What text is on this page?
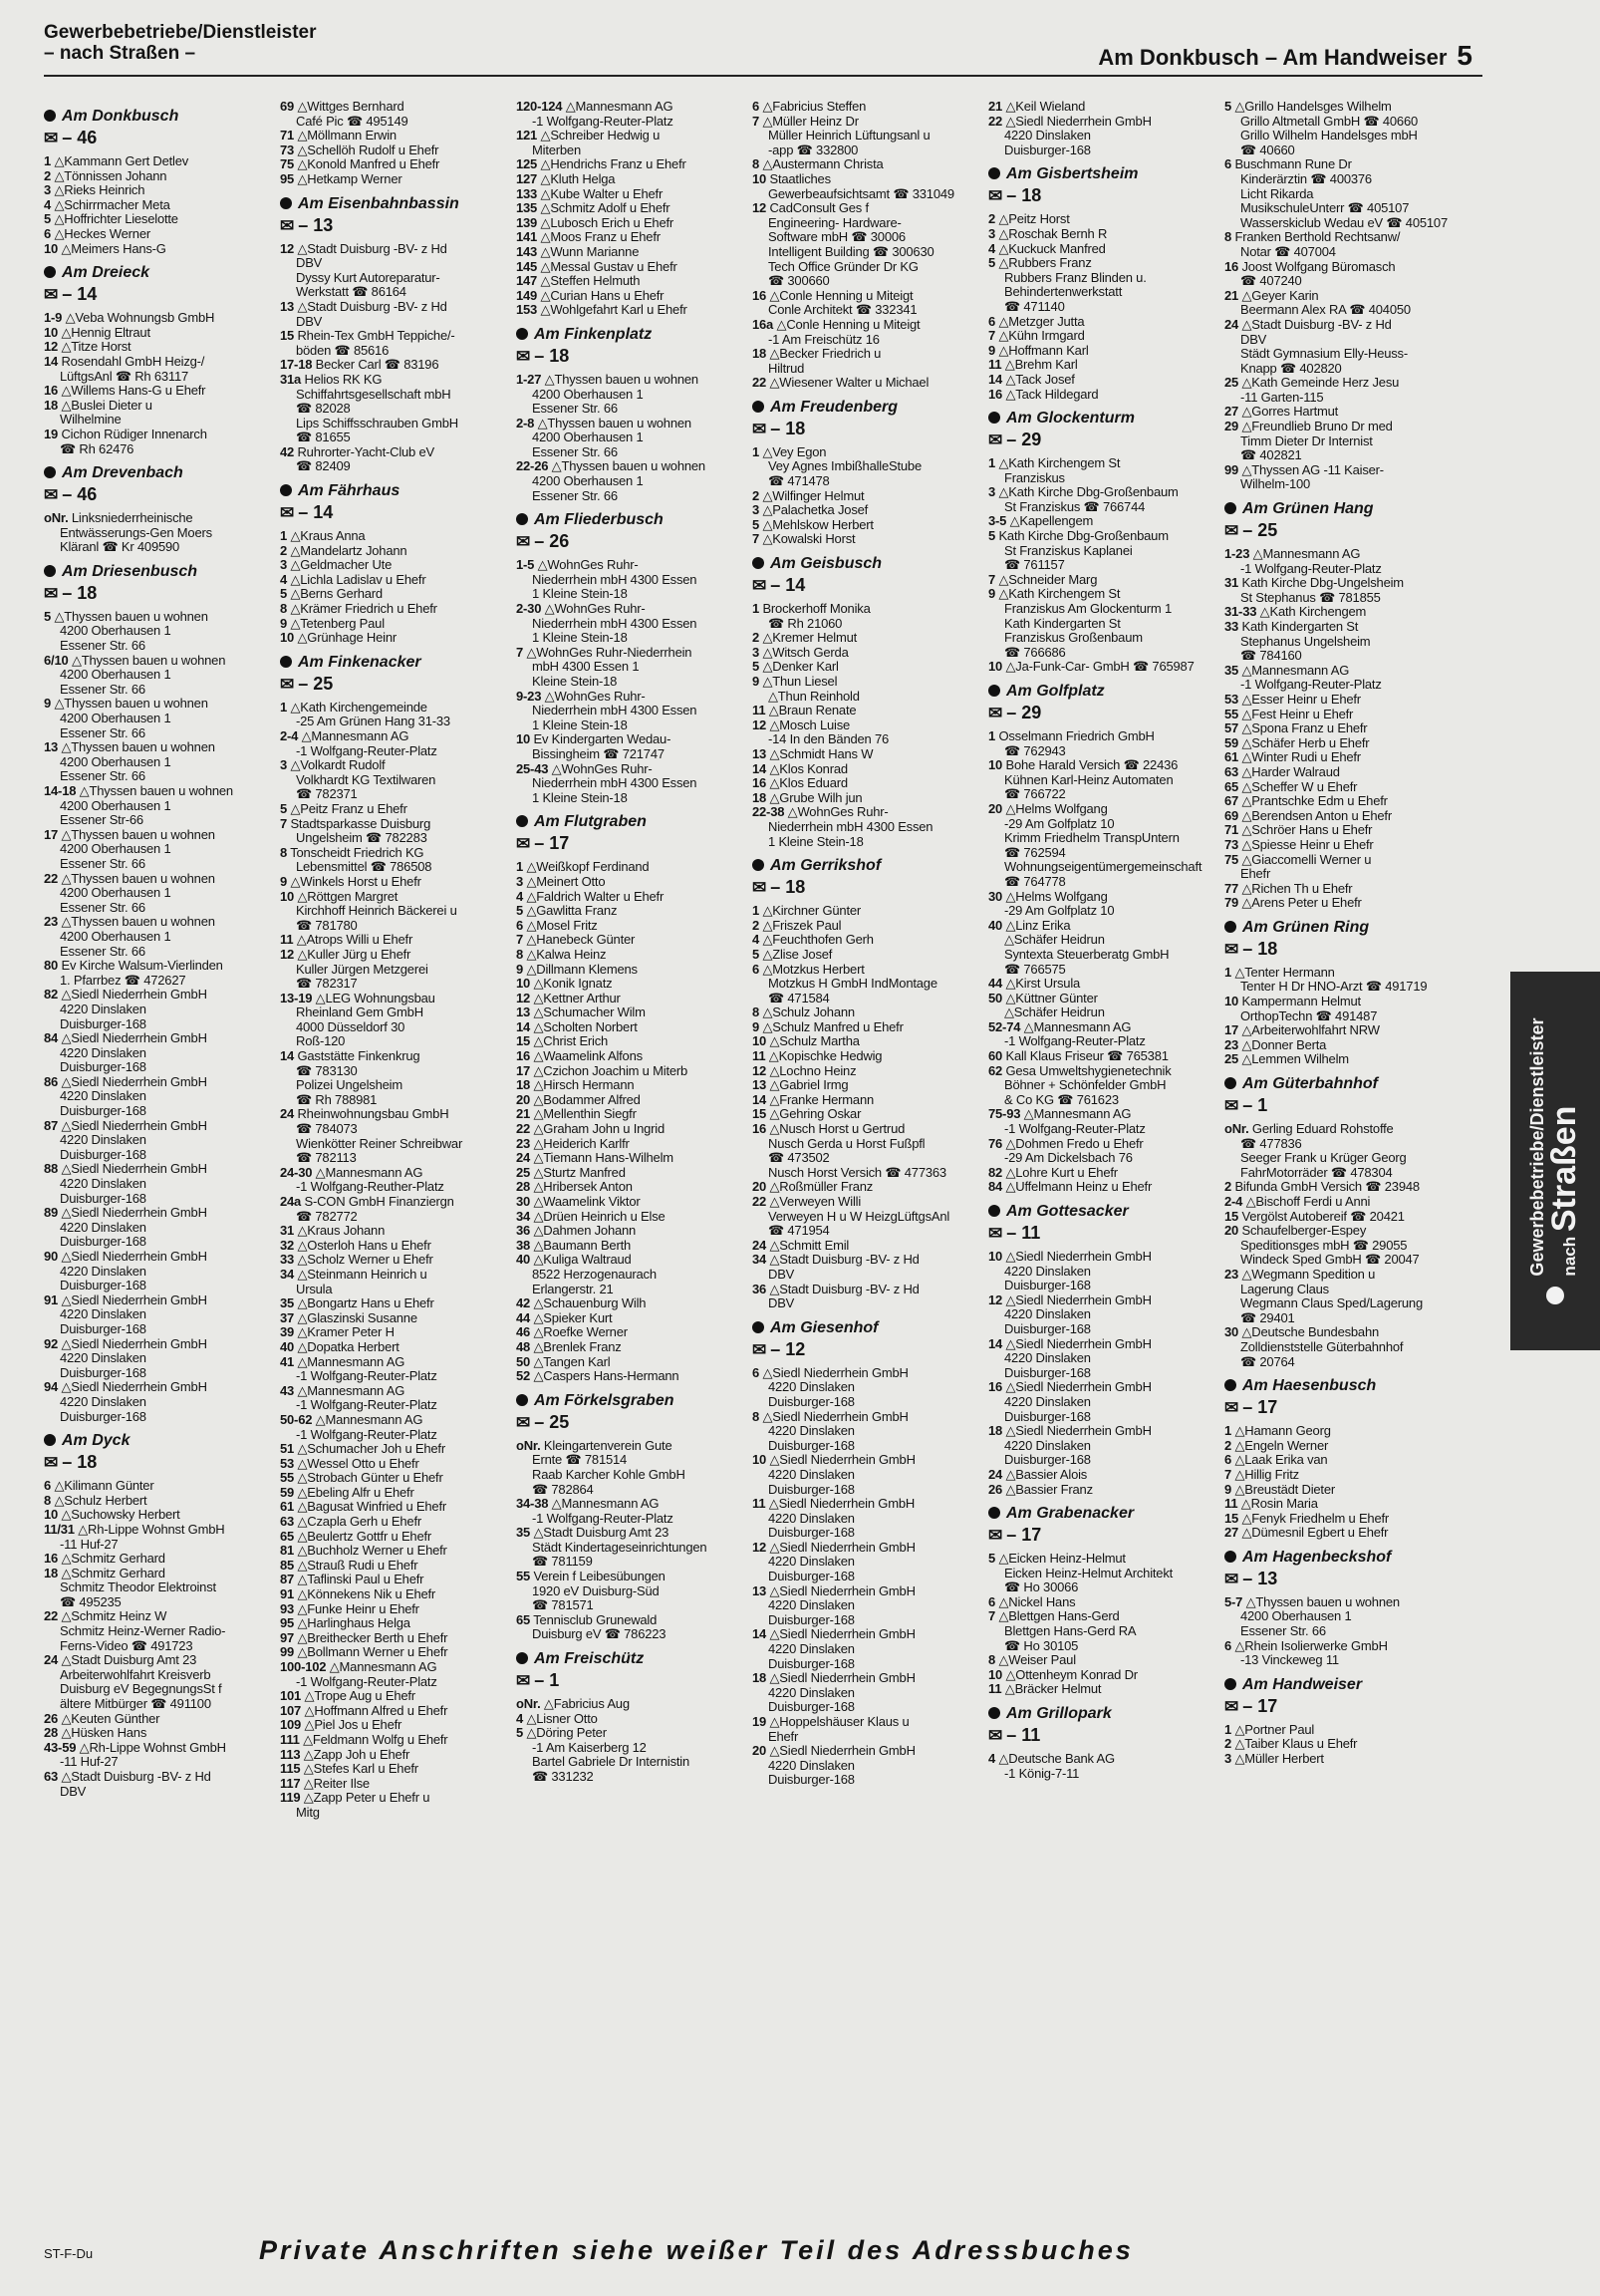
Gewerbebetriebe/Dienstleister
– nach Straßen –	Am Donkbusch – Am Handweiser 5
Am Donkbusch
✉ – 46
1 △Kammann Gert Detlev
2 △Tönnissen Johann
3 △Rieks Heinrich
4 △Schirrmacher Meta
5 △Hoffrichter Lieselotte
6 △Heckes Werner
10 △Meimers Hans-G
Am Dreieck
✉ – 14
1-9 △Veba Wohnungsb GmbH
10 △Hennig Eltraut
12 △Titze Horst
14 Rosendahl GmbH Heizg-/
LüftgsAnl ☎ Rh 63117
16 △Willems Hans-G u Ehefr
18 △Buslei Dieter u
Wilhelmine
19 Cichon Rüdiger Innenarch
☎ Rh 62476
Am Drevenbach
✉ – 46
oNr. Linksniederrheinische
Entwässerungs-Gen Moers
Kläranl ☎ Kr 409590
Am Driesenbusch
✉ – 18
5 △Thyssen bauen u wohnen
4200 Oberhausen 1
Essener Str. 66
6/10 △Thyssen bauen u wohnen
4200 Oberhausen 1
Essener Str. 66
9 △Thyssen bauen u wohnen
4200 Oberhausen 1
Essener Str. 66
13 △Thyssen bauen u wohnen
4200 Oberhausen 1
Essener Str. 66
14-18 △Thyssen bauen u wohnen
4200 Oberhausen 1
Essener Str-66
17 △Thyssen bauen u wohnen
4200 Oberhausen 1
Essener Str. 66
22 △Thyssen bauen u wohnen
4200 Oberhausen 1
Essener Str. 66
23 △Thyssen bauen u wohnen
4200 Oberhausen 1
Essener Str. 66
80 Ev Kirche Walsum-Vierlinden
1. Pfarrbez ☎ 472627
82 △Siedl Niederrhein GmbH
4220 Dinslaken
Duisburger-168
84 △Siedl Niederrhein GmbH
4220 Dinslaken
Duisburger-168
86 △Siedl Niederrhein GmbH
4220 Dinslaken
Duisburger-168
87 △Siedl Niederrhein GmbH
4220 Dinslaken
Duisburger-168
88 △Siedl Niederrhein GmbH
4220 Dinslaken
Duisburger-168
89 △Siedl Niederrhein GmbH
4220 Dinslaken
Duisburger-168
90 △Siedl Niederrhein GmbH
4220 Dinslaken
Duisburger-168
91 △Siedl Niederrhein GmbH
4220 Dinslaken
Duisburger-168
92 △Siedl Niederrhein GmbH
4220 Dinslaken
Duisburger-168
94 △Siedl Niederrhein GmbH
4220 Dinslaken
Duisburger-168
Am Dyck
✉ – 18
6 △Kilimann Günter
8 △Schulz Herbert
10 △Suchowsky Herbert
11/31 △Rh-Lippe Wohnst GmbH
-11 Huf-27
16 △Schmitz Gerhard
18 △Schmitz Gerhard
Schmitz Theodor Elektroinst
☎ 495235
22 △Schmitz Heinz W
Schmitz Heinz-Werner Radio-
Ferns-Video ☎ 491723
24 △Stadt Duisburg Amt 23
Arbeiterwohlfahrt Kreisverb
Duisburg eV BegegnungsSt f
ältere Mitbürger ☎ 491100
26 △Keuten Günther
28 △Hüsken Hans
43-59 △Rh-Lippe Wohnst GmbH
-11 Huf-27
63 △Stadt Duisburg -BV- z Hd
DBV
69 △Wittges Bernhard
Café Pic ☎ 495149
71 △Möllmann Erwin
73 △Schellöh Rudolf u Ehefr
75 △Konold Manfred u Ehefr
95 △Hetkamp Werner
Am Eisenbahnbassin
✉ – 13
12 △Stadt Duisburg -BV- z Hd
DBV
Dyssy Kurt Autoreparatur-
Werkstatt ☎ 86164
13 △Stadt Duisburg -BV- z Hd
DBV
15 Rhein-Tex GmbH Teppiche/-
böden ☎ 85616
17-18 Becker Carl ☎ 83196
31a Helios RK KG
Schiffahrtsgesellschaft mbH
☎ 82028
Lips Schiffsschrauben GmbH
☎ 81655
42 Ruhrorter-Yacht-Club eV
☎ 82409
Am Fährhaus
✉ – 14
1 △Kraus Anna
2 △Mandelartz Johann
3 △Geldmacher Ute
4 △Lichla Ladislav u Ehefr
5 △Berns Gerhard
8 △Krämer Friedrich u Ehefr
9 △Tetenberg Paul
10 △Grünhage Heinr
Am Finkenacker
✉ – 25
1 △Kath Kirchengemeinde
-25 Am Grünen Hang 31-33
2-4 △Mannesmann AG
-1 Wolfgang-Reuter-Platz
3 △Volkardt Rudolf
Volkhardt KG Textilwaren
☎ 782371
5 △Peitz Franz u Ehefr
7 Stadtsparkasse Duisburg
Ungelsheim ☎ 782283
8 Tonscheidt Friedrich KG
Lebensmittel ☎ 786508
9 △Winkels Horst u Ehefr
10 △Röttgen Margret
Kirchhoff Heinrich Bäckerei u
☎ 781780
11 △Atrops Willi u Ehefr
12 △Kuller Jürg u Ehefr
Kuller Jürgen Metzgerei
☎ 782317
13-19 △LEG Wohnungsbau
Rheinland Gem GmbH
4000 Düsseldorf 30
Roß-120
14 Gaststätte Finkenkrug
☎ 783130
Polizei Ungelsheim
☎ Rh 788981
24 Rheinwohnungsbau GmbH
☎ 784073
Wienkötter Reiner Schreibwar
☎ 782113
24-30 △Mannesmann AG
-1 Wolfgang-Reuther-Platz
24a S-CON GmbH Finanziergn
☎ 782772
31 △Kraus Johann
32 △Osterloh Hans u Ehefr
33 △Scholz Werner u Ehefr
34 △Steinmann Heinrich u
Ursula
35 △Bongartz Hans u Ehefr
37 △Glaszinski Susanne
39 △Kramer Peter H
40 △Dopatka Herbert
41 △Mannesmann AG
-1 Wolfgang-Reuter-Platz
43 △Mannesmann AG
-1 Wolfgang-Reuter-Platz
50-62 △Mannesmann AG
-1 Wolfgang-Reuter-Platz
51 △Schumacher Joh u Ehefr
53 △Wessel Otto u Ehefr
55 △Strobach Günter u Ehefr
59 △Ebeling Alfr u Ehefr
61 △Bagusat Winfried u Ehefr
63 △Czapla Gerh u Ehefr
65 △Beulertz Gottfr u Ehefr
81 △Buchholz Werner u Ehefr
85 △Strauß Rudi u Ehefr
87 △Taflinski Paul u Ehefr
91 △Könnekens Nik u Ehefr
93 △Funke Heinr u Ehefr
95 △Harlinghaus Helga
97 △Breithecker Berth u Ehefr
99 △Bollmann Werner u Ehefr
100-102 △Mannesmann AG
-1 Wolfgang-Reuter-Platz
101 △Trope Aug u Ehefr
107 △Hoffmann Alfred u Ehefr
109 △Piel Jos u Ehefr
111 △Feldmann Wolfg u Ehefr
113 △Zapp Joh u Ehefr
115 △Stefes Karl u Ehefr
117 △Reiter Ilse
119 △Zapp Peter u Ehefr u
Mitg
120-124 △Mannesmann AG
-1 Wolfgang-Reuter-Platz
121 △Schreiber Hedwig u
Miterben
125 △Hendrichs Franz u Ehefr
127 △Kluth Helga
133 △Kube Walter u Ehefr
135 △Schmitz Adolf u Ehefr
139 △Lubosch Erich u Ehefr
141 △Moos Franz u Ehefr
143 △Wunn Marianne
145 △Messal Gustav u Ehefr
147 △Steffen Helmuth
149 △Curian Hans u Ehefr
153 △Wohlgefahrt Karl u Ehefr
Am Finkenplatz
✉ – 18
1-27 △Thyssen bauen u wohnen
4200 Oberhausen 1
Essener Str. 66
2-8 △Thyssen bauen u wohnen
4200 Oberhausen 1
Essener Str. 66
22-26 △Thyssen bauen u wohnen
4200 Oberhausen 1
Essener Str. 66
Am Fliederbusch
✉ – 26
1-5 △WohnGes Ruhr-
Niederrhein mbH 4300 Essen
1 Kleine Stein-18
2-30 △WohnGes Ruhr-
Niederrhein mbH 4300 Essen
1 Kleine Stein-18
7 △WohnGes Ruhr-Niederrhein
mbH 4300 Essen 1
Kleine Stein-18
9-23 △WohnGes Ruhr-
Niederrhein mbH 4300 Essen
1 Kleine Stein-18
10 Ev Kindergarten Wedau-
Bissingheim ☎ 721747
25-43 △WohnGes Ruhr-
Niederrhein mbH 4300 Essen
1 Kleine Stein-18
Am Flutgraben
✉ – 17
1 △Weißkopf Ferdinand
3 △Meinert Otto
4 △Faldrich Walter u Ehefr
5 △Gawlitta Franz
6 △Mosel Fritz
7 △Hanebeck Günter
8 △Kalwa Heinz
9 △Dillmann Klemens
10 △Konik Ignatz
12 △Kettner Arthur
13 △Schumacher Wilm
14 △Scholten Norbert
15 △Christ Erich
16 △Waamelink Alfons
17 △Czichon Joachim u Miterb
18 △Hirsch Hermann
20 △Bodammer Alfred
21 △Mellenthin Siegfr
22 △Graham John u Ingrid
23 △Heiderich Karlfr
24 △Tiemann Hans-Wilhelm
25 △Sturtz Manfred
28 △Hribersek Anton
30 △Waamelink Viktor
34 △Drüen Heinrich u Else
36 △Dahmen Johann
38 △Baumann Berth
40 △Kuliga Waltraud
8522 Herzogenaurach
Erlangerstr. 21
42 △Schauenburg Wilh
44 △Spieker Kurt
46 △Roefke Werner
48 △Brenlek Franz
50 △Tangen Karl
52 △Caspers Hans-Hermann
Am Förkelsgraben
✉ – 25
oNr. Kleingartenverein Gute
Ernte ☎ 781514
Raab Karcher Kohle GmbH
☎ 782864
34-38 △Mannesmann AG
-1 Wolfgang-Reuter-Platz
35 △Stadt Duisburg Amt 23
Städt Kindertageseinrichtungen
☎ 781159
55 Verein f Leibesübungen
1920 eV Duisburg-Süd
☎ 781571
65 Tennisclub Grunewald
Duisburg eV ☎ 786223
Am Freischütz
✉ – 1
oNr. △Fabricius Aug
4 △Lisner Otto
5 △Döring Peter
-1 Am Kaiserberg 12
Bartel Gabriele Dr Internistin
☎ 331232
6 △Fabricius Steffen
7 △Müller Heinz Dr
Müller Heinrich Lüftungsanl u
-app ☎ 332800
8 △Austermann Christa
10 Staatliches
Gewerbeaufsichtsamt ☎ 331049
12 CadConsult Ges f
Engineering- Hardware-
Software mbH ☎ 30006
Intelligent Building ☎ 300630
Tech Office Gründer Dr KG
☎ 300660
16 △Conle Henning u Miteigt
Conle Architekt ☎ 332341
16a △Conle Henning u Miteigt
-1 Am Freischütz 16
18 △Becker Friedrich u
Hiltrud
22 △Wiesener Walter u Michael
Am Freudenberg
✉ – 18
1 △Vey Egon
Vey Agnes ImbißhalleStube
☎ 471478
2 △Wilfinger Helmut
3 △Palachetka Josef
5 △Mehlskow Herbert
7 △Kowalski Horst
Am Geisbusch
✉ – 14
1 Brockerhoff Monika
☎ Rh 21060
2 △Kremer Helmut
3 △Witsch Gerda
5 △Denker Karl
9 △Thun Liesel
△Thun Reinhold
11 △Braun Renate
12 △Mosch Luise
-14 In den Bänden 76
13 △Schmidt Hans W
14 △Klos Konrad
16 △Klos Eduard
18 △Grube Wilh jun
22-38 △WohnGes Ruhr-
Niederrhein mbH 4300 Essen
1 Kleine Stein-18
Am Gerrikshof
✉ – 18
1 △Kirchner Günter
2 △Friszek Paul
4 △Feuchthofen Gerh
5 △Zlise Josef
6 △Motzkus Herbert
Motzkus H GmbH IndMontage
☎ 471584
8 △Schulz Johann
9 △Schulz Manfred u Ehefr
10 △Schulz Martha
11 △Kopischke Hedwig
12 △Lochno Heinz
13 △Gabriel Irmg
14 △Franke Hermann
15 △Gehring Oskar
16 △Nusch Horst u Gertrud
Nusch Gerda u Horst Fußpfl
☎ 473502
Nusch Horst Versich ☎ 477363
20 △Roßmüller Franz
22 △Verweyen Willi
Verweyen H u W HeizgLüftgsAnl
☎ 471954
24 △Schmitt Emil
34 △Stadt Duisburg -BV- z Hd
DBV
36 △Stadt Duisburg -BV- z Hd
DBV
Am Giesenhof
✉ – 12
6 △Siedl Niederrhein GmbH
4220 Dinslaken
Duisburger-168
8 △Siedl Niederrhein GmbH
4220 Dinslaken
Duisburger-168
10 △Siedl Niederrhein GmbH
4220 Dinslaken
Duisburger-168
11 △Siedl Niederrhein GmbH
4220 Dinslaken
Duisburger-168
12 △Siedl Niederrhein GmbH
4220 Dinslaken
Duisburger-168
13 △Siedl Niederrhein GmbH
4220 Dinslaken
Duisburger-168
14 △Siedl Niederrhein GmbH
4220 Dinslaken
Duisburger-168
18 △Siedl Niederrhein GmbH
4220 Dinslaken
Duisburger-168
19 △Hoppelshäuser Klaus u
Ehefr
20 △Siedl Niederrhein GmbH
4220 Dinslaken
Duisburger-168
21 △Keil Wieland
22 △Siedl Niederrhein GmbH
4220 Dinslaken
Duisburger-168
Am Gisbertsheim
✉ – 18
2 △Peitz Horst
3 △Roschak Bernh R
4 △Kuckuck Manfred
5 △Rubbers Franz
Rubbers Franz Blinden u.
Behindertenwerkstatt
☎ 471140
6 △Metzger Jutta
7 △Kühn Irmgard
9 △Hoffmann Karl
11 △Brehm Karl
14 △Tack Josef
16 △Tack Hildegard
Am Glockenturm
✉ – 29
1 △Kath Kirchengem St
Franziskus
3 △Kath Kirche Dbg-Großenbaum
St Franziskus ☎ 766744
3-5 △Kapellengem
5 Kath Kirche Dbg-Großenbaum
St Franziskus Kaplanei
☎ 761157
7 △Schneider Marg
9 △Kath Kirchengem St
Franziskus Am Glockenturm 1
Kath Kindergarten St
Franziskus Großenbaum
☎ 766686
10 △Ja-Funk-Car- GmbH ☎ 765987
Am Golfplatz
✉ – 29
1 Osselmann Friedrich GmbH
☎ 762943
10 Bohe Harald Versich ☎ 22436
Kühnen Karl-Heinz Automaten
☎ 766722
20 △Helms Wolfgang
-29 Am Golfplatz 10
Krimm Friedhelm TranspUntern
☎ 762594
Wohnungseigentümergemeinschaft
☎ 764778
30 △Helms Wolfgang
-29 Am Golfplatz 10
40 △Linz Erika
△Schäfer Heidrun
Syntexta Steuerberatg GmbH
☎ 766575
44 △Kirst Ursula
50 △Küttner Günter
△Schäfer Heidrun
52-74 △Mannesmann AG
-1 Wolfgang-Reuter-Platz
60 Kall Klaus Friseur ☎ 765381
62 Gesa Umweltshygienetechnik
Böhner + Schönfelder GmbH
& Co KG ☎ 761623
75-93 △Mannesmann AG
-1 Wolfgang-Reuter-Platz
76 △Dohmen Fredo u Ehefr
-29 Am Dickelsbach 76
82 △Lohre Kurt u Ehefr
84 △Uffelmann Heinz u Ehefr
Am Gottesacker
✉ – 11
10 △Siedl Niederrhein GmbH
4220 Dinslaken
Duisburger-168
12 △Siedl Niederrhein GmbH
4220 Dinslaken
Duisburger-168
14 △Siedl Niederrhein GmbH
4220 Dinslaken
Duisburger-168
16 △Siedl Niederrhein GmbH
4220 Dinslaken
Duisburger-168
18 △Siedl Niederrhein GmbH
4220 Dinslaken
Duisburger-168
24 △Bassier Alois
26 △Bassier Franz
Am Grabenacker
✉ – 17
5 △Eicken Heinz-Helmut
Eicken Heinz-Helmut Architekt
☎ Ho 30066
6 △Nickel Hans
7 △Blettgen Hans-Gerd
Blettgen Hans-Gerd RA
☎ Ho 30105
8 △Weiser Paul
10 △Ottenheym Konrad Dr
11 △Bräcker Helmut
Am Grillopark
✉ – 11
4 △Deutsche Bank AG
-1 König-7-11
5 △Grillo Handelsges Wilhelm
Grillo Altmetall GmbH ☎ 40660
Grillo Wilhelm Handelsges mbH
☎ 40660
6 Buschmann Rune Dr
Kinderärztin ☎ 400376
Licht Rikarda
MusikschuleUnterr ☎ 405107
Wasserskiclub Wedau eV ☎ 405107
8 Franken Berthold Rechtsanw/
Notar ☎ 407004
16 Joost Wolfgang Büromasch
☎ 407240
21 △Geyer Karin
Beermann Alex RA ☎ 404050
24 △Stadt Duisburg -BV- z Hd
DBV
Städt Gymnasium Elly-Heuss-
Knapp ☎ 402820
25 △Kath Gemeinde Herz Jesu
-11 Garten-115
27 △Gorres Hartmut
29 △Freundlieb Bruno Dr med
Timm Dieter Dr Internist
☎ 402821
99 △Thyssen AG -11 Kaiser-
Wilhelm-100
Am Grünen Hang
✉ – 25
1-23 △Mannesmann AG
-1 Wolfgang-Reuter-Platz
31 Kath Kirche Dbg-Ungelsheim
St Stephanus ☎ 781855
31-33 △Kath Kirchengem
33 Kath Kindergarten St
Stephanus Ungelsheim
☎ 784160
35 △Mannesmann AG
-1 Wolfgang-Reuter-Platz
53 △Esser Heinr u Ehefr
55 △Fest Heinr u Ehefr
57 △Spona Franz u Ehefr
59 △Schäfer Herb u Ehefr
61 △Winter Rudi u Ehefr
63 △Harder Walraud
65 △Scheffer W u Ehefr
67 △Prantschke Edm u Ehefr
69 △Berendsen Anton u Ehefr
71 △Schröer Hans u Ehefr
73 △Spiesse Heinr u Ehefr
75 △Giaccomelli Werner u
Ehefr
77 △Richen Th u Ehefr
79 △Arens Peter u Ehefr
Am Grünen Ring
✉ – 18
1 △Tenter Hermann
Tenter H Dr HNO-Arzt ☎ 491719
10 Kampermann Helmut
OrthopTechn ☎ 491487
17 △Arbeiterwohlfahrt NRW
23 △Donner Berta
25 △Lemmen Wilhelm
Am Güterbahnhof
✉ – 1
oNr. Gerling Eduard Rohstoffe
☎ 477836
Seeger Frank u Krüger Georg
FahrMotorräder ☎ 478304
2 Bifunda GmbH Versich ☎ 23948
2-4 △Bischoff Ferdi u Anni
15 Vergölst Autobereif ☎ 20421
20 Schaufelberger-Espey
Speditionsges mbH ☎ 29055
Windeck Sped GmbH ☎ 20047
23 △Wegmann Spedition u
Lagerung Claus
Wegmann Claus Sped/Lagerung
☎ 29401
30 △Deutsche Bundesbahn
Zolldienststelle Güterbahnhof
☎ 20764
Am Haesenbusch
✉ – 17
1 △Hamann Georg
2 △Engeln Werner
6 △Laak Erika van
7 △Hillig Fritz
9 △Breustädt Dieter
11 △Rosin Maria
15 △Fenyk Friedhelm u Ehefr
27 △Dümesnil Egbert u Ehefr
Am Hagenbeckshof
✉ – 13
5-7 △Thyssen bauen u wohnen
4200 Oberhausen 1
Essener Str. 66
6 △Rhein Isolierwerke GmbH
-13 Vinckeweg 11
Am Handweiser
✉ – 17
1 △Portner Paul
2 △Taiber Klaus u Ehefr
3 △Müller Herbert
Gewerbebetriebe/Dienstleister nach Straßen
ST-F-Du	Private Anschriften siehe weißer Teil des Adressbuches
